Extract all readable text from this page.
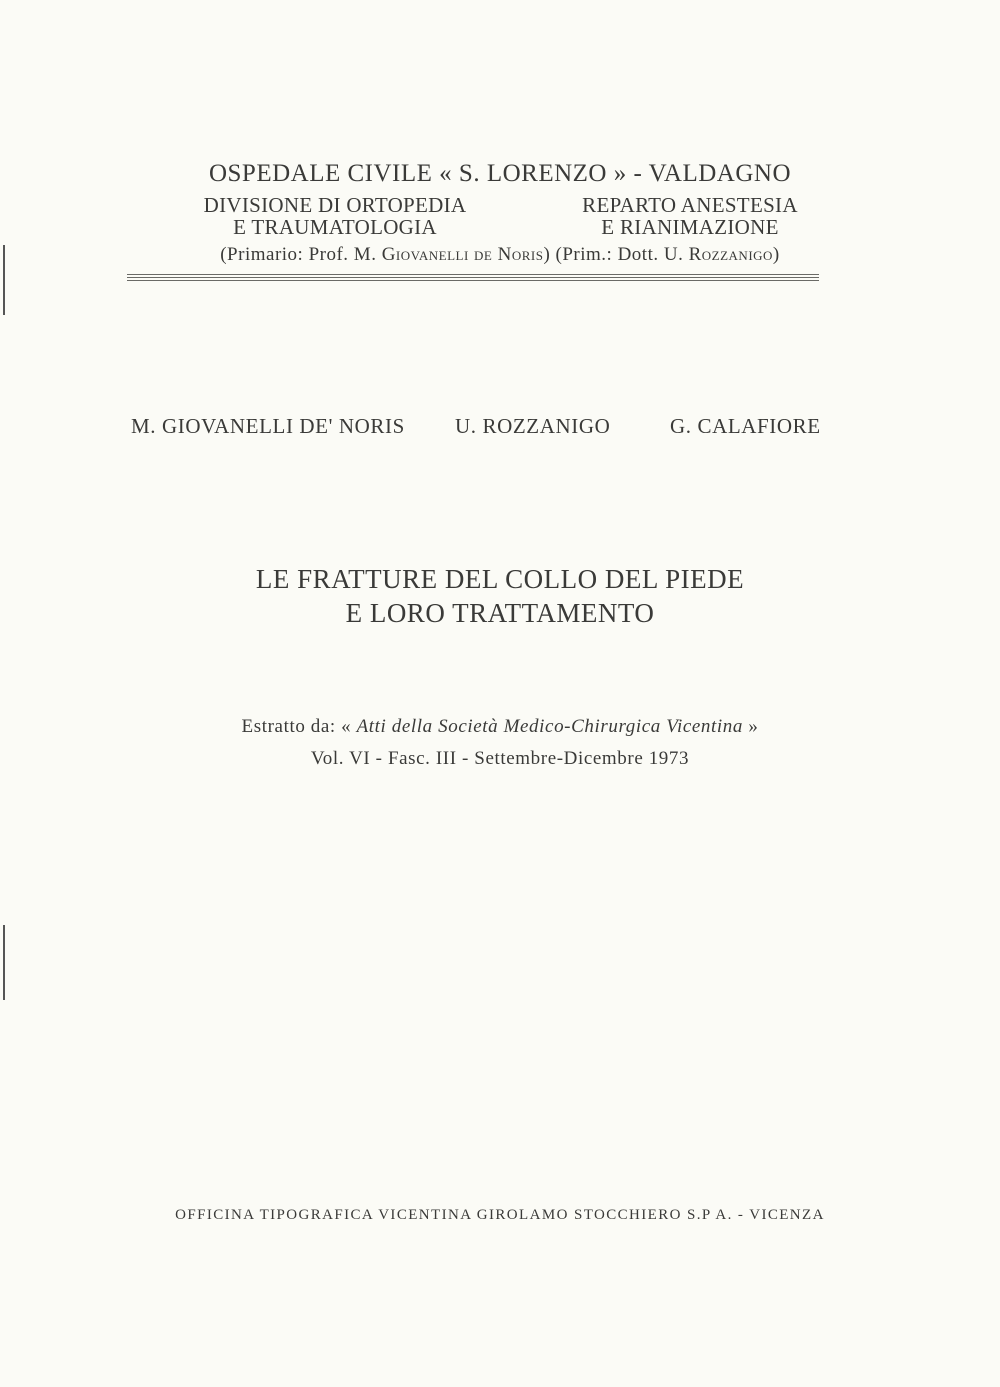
OSPEDALE CIVILE « S. LORENZO » - VALDAGNO
DIVISIONE DI ORTOPEDIA
E TRAUMATOLOGIA
REPARTO ANESTESIA
E RIANIMAZIONE
(Primario: Prof. M. Giovanelli de Noris) (Prim.: Dott. U. Rozzanigo)
M. GIOVANELLI DE' NORIS U. ROZZANIGO	G. CALAFIORE
LE FRATTURE DEL COLLO DEL PIEDE
E LORO TRATTAMENTO
Estratto da: « Atti della Società Medico-Chirurgica Vicentina »
Vol. VI - Fasc. III - Settembre-Dicembre 1973
OFFICINA TIPOGRAFICA VICENTINA GIROLAMO STOCCHIERO S.P A. - VICENZA
